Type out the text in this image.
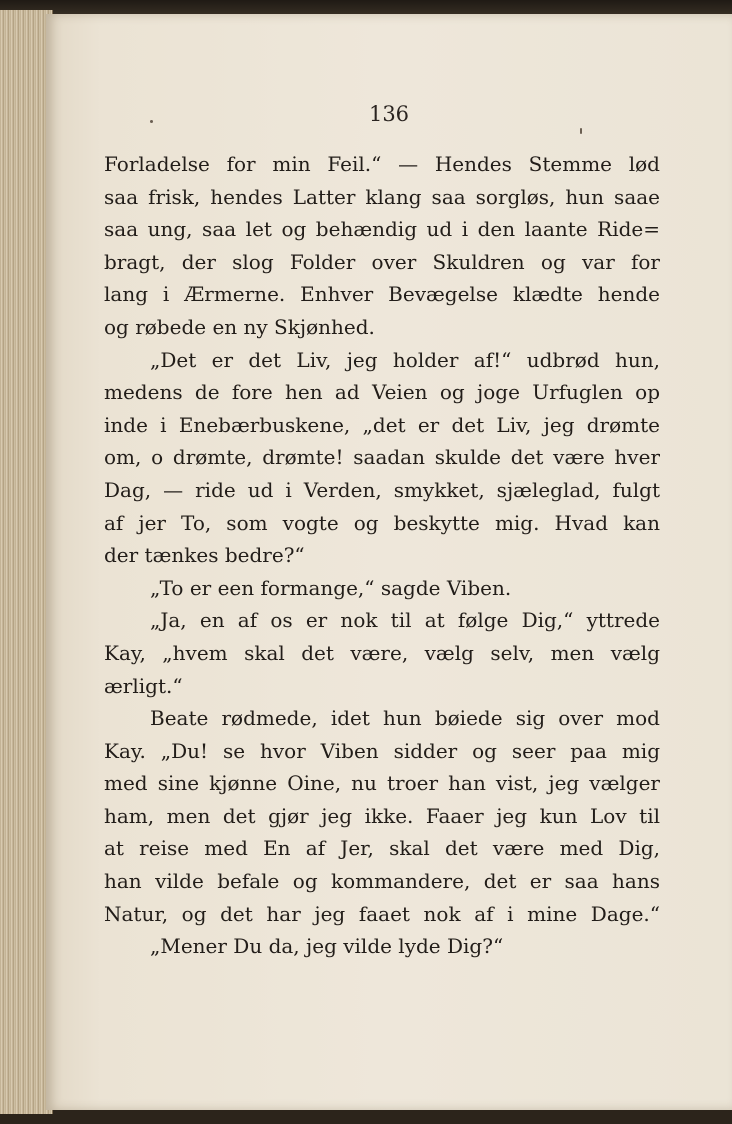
136
Forladelse for min Feil.“ — Hendes Stemme lød
saa frisk, hendes Latter klang saa sorgløs, hun saae
saa ung, saa let og behændig ud i den laante Ride=
bragt, der slog Folder over Skuldren og var for
lang i Ærmerne. Enhver Bevægelse klædte hende
og røbede en ny Skjønhed.
„Det er det Liv, jeg holder af!“ udbrød hun,
medens de fore hen ad Veien og joge Urfuglen op
inde i Enebærbuskene, „det er det Liv, jeg drømte
om, o drømte, drømte! saadan skulde det være hver
Dag, — ride ud i Verden, smykket, sjæleglad, fulgt
af jer To, som vogte og beskytte mig. Hvad kan
der tænkes bedre?“
„To er een formange,“ sagde Viben.
„Ja, en af os er nok til at følge Dig,“ yttrede
Kay, „hvem skal det være, vælg selv, men vælg
ærligt.“
Beate rødmede, idet hun bøiede sig over mod
Kay. „Du! se hvor Viben sidder og seer paa mig
med sine kjønne Oine, nu troer han vist, jeg vælger
ham, men det gjør jeg ikke. Faaer jeg kun Lov til
at reise med En af Jer, skal det være med Dig,
han vilde befale og kommandere, det er saa hans
Natur, og det har jeg faaet nok af i mine Dage.“
„Mener Du da, jeg vilde lyde Dig?“
